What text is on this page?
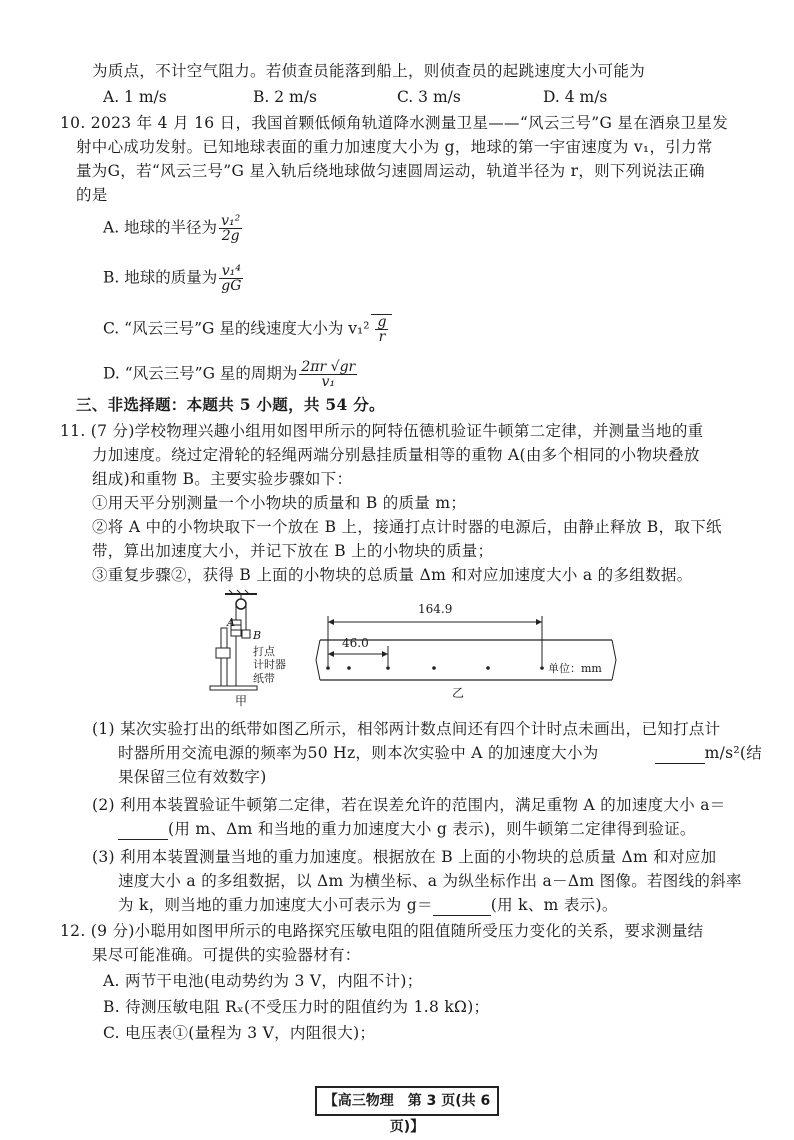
为质点，不计空气阻力。若侦查员能落到船上，则侦查员的起跳速度大小可能为
A. 1 m/s	B. 2 m/s	C. 3 m/s	D. 4 m/s
10. 2023 年 4 月 16 日，我国首颗低倾角轨道降水测量卫星——“风云三号”G 星在酒泉卫星发
射中心成功发射。已知地球表面的重力加速度大小为 g，地球的第一宇宙速度为 v₁，引力常
量为G，若“风云三号”G 星入轨后绕地球做匀速圆周运动，轨道半径为 r，则下列说法正确
的是
A. 地球的半径为 $\frac{\text{v₁²}}{2g}$
B. 地球的质量为 $\frac{\text{v₁⁴}}{gG}$
C. “风云三号”G 星的线速度大小为 $v_1^2 \frac{g}{r}$
D. “风云三号”G 星的周期为 $\frac{2\pi r √gr}{\text{v₁}}$
三、非选择题：本题共 5 小题，共 54 分。
11. (7 分)学校物理兴趣小组用如图甲所示的阿特伍德机验证牛顿第二定律，并测量当地的重
力加速度。绕过定滑轮的轻绳两端分别悬挂质量相等的重物 A(由多个相同的小物块叠放
组成)和重物 B。主要实验步骤如下：
①用天平分别测量一个小物块的质量和 B 的质量 m；
②将 A 中的小物块取下一个放在 B 上，接通打点计时器的电源后，由静止释放 B，取下纸
带，算出加速度大小，并记下放在 B 上的小物块的质量；
③重复步骤②，获得 B 上面的小物块的总质量 Δm 和对应加速度大小 a 的多组数据。
A
B
打点
计时器
纸带
甲
164.9
46.0
单位：mm
乙
(1) 某次实验打出的纸带如图乙所示，相邻两计数点间还有四个计时点未画出，已知打点计
时器所用交流电源的频率为50 Hz，则本次实验中 A 的加速度大小为	m/s²(结
果保留三位有效数字)
(2) 利用本装置验证牛顿第二定律，若在误差允许的范围内，满足重物 A 的加速度大小 a＝
(用 m、Δm 和当地的重力加速度大小 g 表示)，则牛顿第二定律得到验证。
(3) 利用本装置测量当地的重力加速度。根据放在 B 上面的小物块的总质量 Δm 和对应加
速度大小 a 的多组数据，以 Δm 为横坐标、a 为纵坐标作出 a－Δm 图像。若图线的斜率
为 k，则当地的重力加速度大小可表示为 g＝	(用 k、m 表示)。
12. (9 分)小聪用如图甲所示的电路探究压敏电阻的阻值随所受压力变化的关系，要求测量结
果尽可能准确。可提供的实验器材有：
A. 两节干电池(电动势约为 3 V，内阻不计)；
B. 待测压敏电阻 Rₓ(不受压力时的阻值约为 1.8 kΩ)；
C. 电压表①(量程为 3 V，内阻很大)；
【高三物理　第 3 页(共 6 页)】
